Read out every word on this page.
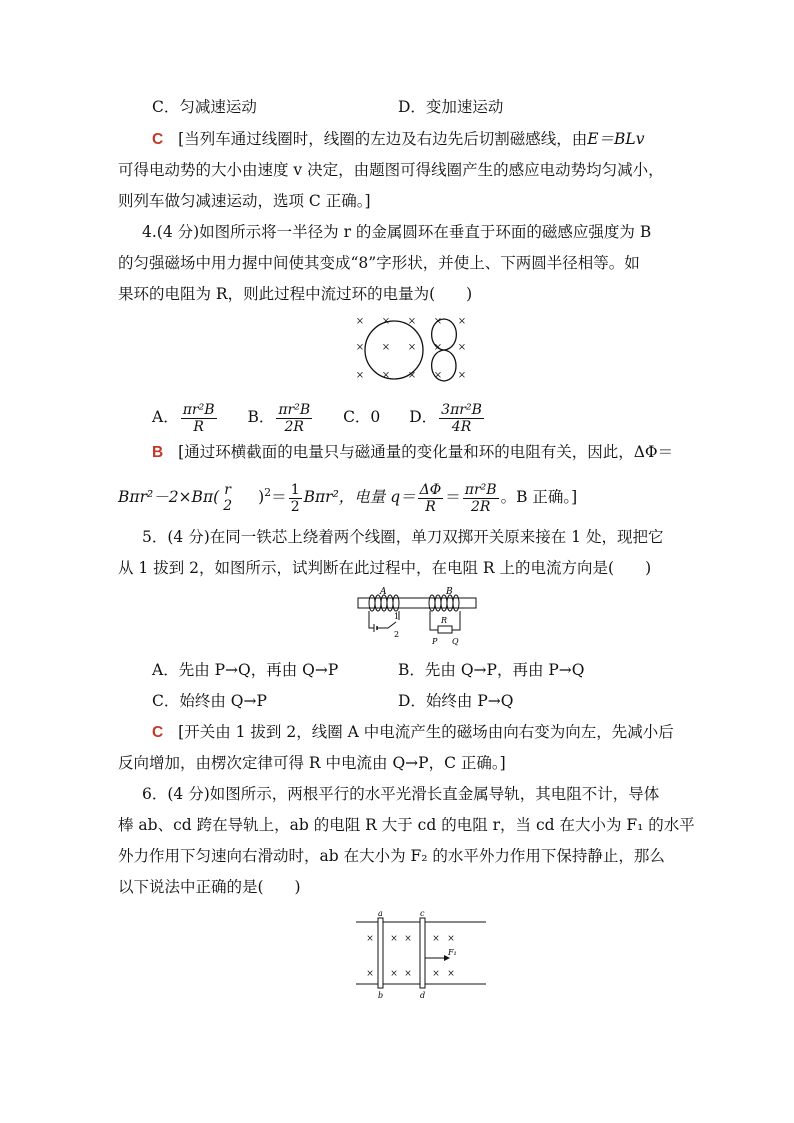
C．匀减速运动	D．变加速运动
C [当列车通过线圈时，线圈的左边及右边先后切割磁感线，由E＝BLv
可得电动势的大小由速度 v 决定，由题图可得线圈产生的感应电动势均匀减小，
则列车做匀减速运动，选项 C 正确。]
4.(4 分)如图所示将一半径为 r 的金属圆环在垂直于环面的磁感应强度为 B
的匀强磁场中用力握中间使其变成“8”字形状，并使上、下两圆半径相等。如
果环的电阻为 R，则此过程中流过环的电量为(　　)
× × × × ×
× × × × ×
× × × × ×
A． $\frac{\text{πr²B}}{R}$ B． $\frac{\text{πr²B}}{2R}$ C．0 D． $\frac{\text{3πr²B}}{4R}$
B [通过环横截面的电量只与磁通量的变化量和环的电阻有关，因此，ΔΦ＝
Bπr²－2×Bπ( r
2 )$^2= \frac{1}{2} B\pi r^2$，电量 $q= \frac{\Delta\Phi}{R} = \frac{\text{πr²B}}{2R}$ 。B 正确。]
5．(4 分)在同一铁芯上绕着两个线圈，单刀双掷开关原来接在 1 处，现把它
从 1 拔到 2，如图所示，试判断在此过程中，在电阻 R 上的电流方向是(　　)
A	B
1
2
R
P Q
A．先由 P→Q，再由 Q→P	B．先由 Q→P，再由 P→Q
C．始终由 Q→P	D．始终由 P→Q
C [开关由 1 拔到 2，线圈 A 中电流产生的磁场由向右变为向左，先减小后
反向增加，由楞次定律可得 R 中电流由 Q→P，C 正确。]
6．(4 分)如图所示，两根平行的水平光滑长直金属导轨，其电阻不计，导体
棒 ab、cd 跨在导轨上，ab 的电阻 R 大于 cd 的电阻 r，当 cd 在大小为 F₁ 的水平
外力作用下匀速向右滑动时，ab 在大小为 F₂ 的水平外力作用下保持静止，那么
以下说法中正确的是(　　)
a
b
c
d
× × × × ×
× × × × ×
F₁
